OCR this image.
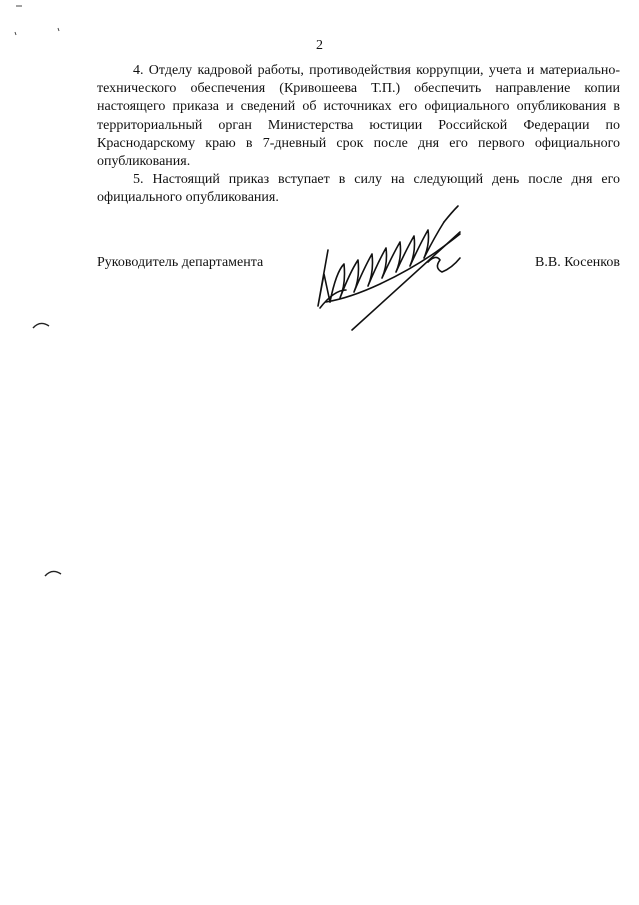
2

4. Отделу кадровой работы, противодействия коррупции, учета и материально-технического обеспечения (Кривошеева Т.П.) обеспечить направление копии настоящего приказа и сведений об источниках его официального опубликования в территориальный орган Министерства юстиции Российской Федерации по Краснодарскому краю в 7-дневный срок после дня его первого официального опубликования.

5. Настоящий приказ вступает в силу на следующий день после дня его официального опубликования.

Руководитель департамента	В.В. Косенков
